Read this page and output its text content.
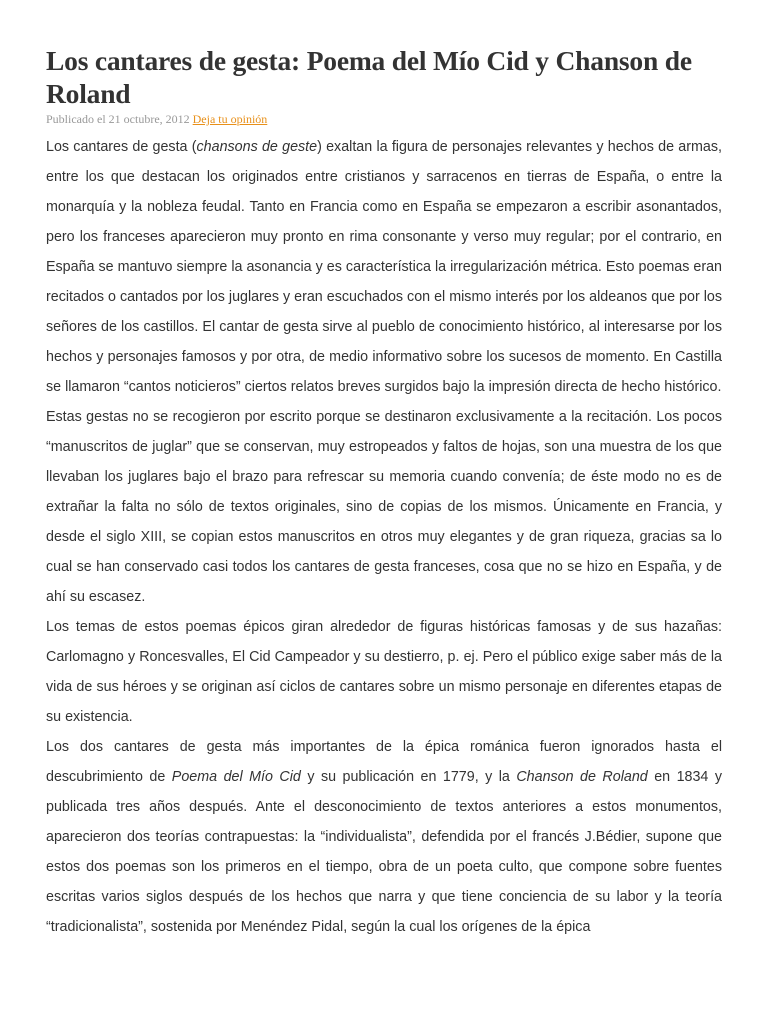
Los cantares de gesta: Poema del Mío Cid y Chanson de Roland
Publicado el 21 octubre, 2012 Deja tu opinión

Los cantares de gesta (chansons de geste) exaltan la figura de personajes relevantes y hechos de armas, entre los que destacan los originados entre cristianos y sarracenos en tierras de España, o entre la monarquía y la nobleza feudal. Tanto en Francia como en España se empezaron a escribir asonantados, pero los franceses aparecieron muy pronto en rima consonante y verso muy regular; por el contrario, en España se mantuvo siempre la asonancia y es característica la irregularización métrica. Esto poemas eran recitados o cantados por los juglares y eran escuchados con el mismo interés por los aldeanos que por los señores de los castillos. El cantar de gesta sirve al pueblo de conocimiento histórico, al interesarse por los hechos y personajes famosos y por otra, de medio informativo sobre los sucesos de momento. En Castilla se llamaron “cantos noticieros” ciertos relatos breves surgidos bajo la impresión directa de hecho histórico.

Estas gestas no se recogieron por escrito porque se destinaron exclusivamente a la recitación. Los pocos “manuscritos de juglar” que se conservan, muy estropeados y faltos de hojas, son una muestra de los que llevaban los juglares bajo el brazo para refrescar su memoria cuando convenía; de éste modo no es de extrañar la falta no sólo de textos originales, sino de copias de los mismos. Únicamente en Francia, y desde el siglo XIII, se copian estos manuscritos en otros muy elegantes y de gran riqueza, gracias sa lo cual se han conservado casi todos los cantares de gesta franceses, cosa que no se hizo en España, y de ahí su escasez.

Los temas de estos poemas épicos giran alrededor de figuras históricas famosas y de sus hazañas: Carlomagno y Roncesvalles, El Cid Campeador y su destierro, p. ej. Pero el público exige saber más de la vida de sus héroes y se originan así ciclos de cantares sobre un mismo personaje en diferentes etapas de su existencia.

Los dos cantares de gesta más importantes de la épica románica fueron ignorados hasta el descubrimiento de Poema del Mío Cid y su publicación en 1779, y la Chanson de Roland en 1834 y publicada tres años después. Ante el desconocimiento de textos anteriores a estos monumentos, aparecieron dos teorías contrapuestas: la “individualista”, defendida por el francés J.Bédier, supone que estos dos poemas son los primeros en el tiempo, obra de un poeta culto, que compone sobre fuentes escritas varios siglos después de los hechos que narra y que tiene conciencia de su labor y la teoría “tradicionalista”, sostenida por Menéndez Pidal, según la cual los orígenes de la épica
